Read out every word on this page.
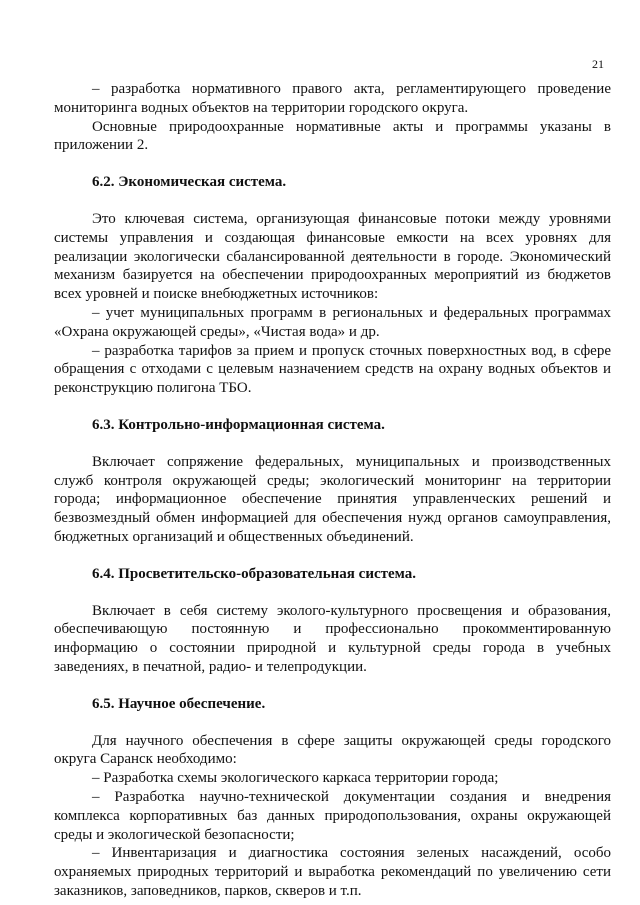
21

– разработка нормативного правого акта, регламентирующего проведение мониторинга водных объектов на территории городского округа.

Основные природоохранные нормативные акты и программы указаны в приложении 2.

6.2. Экономическая система.

Это ключевая система, организующая финансовые потоки между уровнями системы управления и создающая финансовые емкости на всех уровнях для реализации экологически сбалансированной деятельности в городе. Экономический механизм базируется на обеспечении природоохранных мероприятий из бюджетов всех уровней и поиске внебюджетных источников:

– учет муниципальных программ в региональных и федеральных программах «Охрана окружающей среды», «Чистая вода» и др.

– разработка тарифов за прием и пропуск сточных поверхностных вод, в сфере обращения с отходами с целевым назначением средств на охрану водных объектов и реконструкцию полигона ТБО.

6.3. Контрольно-информационная система.

Включает сопряжение федеральных, муниципальных и производственных служб контроля окружающей среды; экологический мониторинг на территории города; информационное обеспечение принятия управленческих решений и безвозмездный обмен информацией для обеспечения нужд органов самоуправления, бюджетных организаций и общественных объединений.

6.4. Просветительско-образовательная система.

Включает в себя систему эколого-культурного просвещения и образования, обеспечивающую постоянную и профессионально прокомментированную информацию о состоянии природной и культурной среды города в учебных заведениях, в печатной, радио- и телепродукции.

6.5. Научное обеспечение.

Для научного обеспечения в сфере защиты окружающей среды городского округа Саранск необходимо:

– Разработка схемы экологического каркаса территории города;

– Разработка научно-технической документации создания и внедрения комплекса корпоративных баз данных природопользования, охраны окружающей среды и экологической безопасности;

– Инвентаризация и диагностика состояния зеленых насаждений, особо охраняемых природных территорий и выработка рекомендаций по увеличению сети заказников, заповедников, парков, скверов и т.п.
